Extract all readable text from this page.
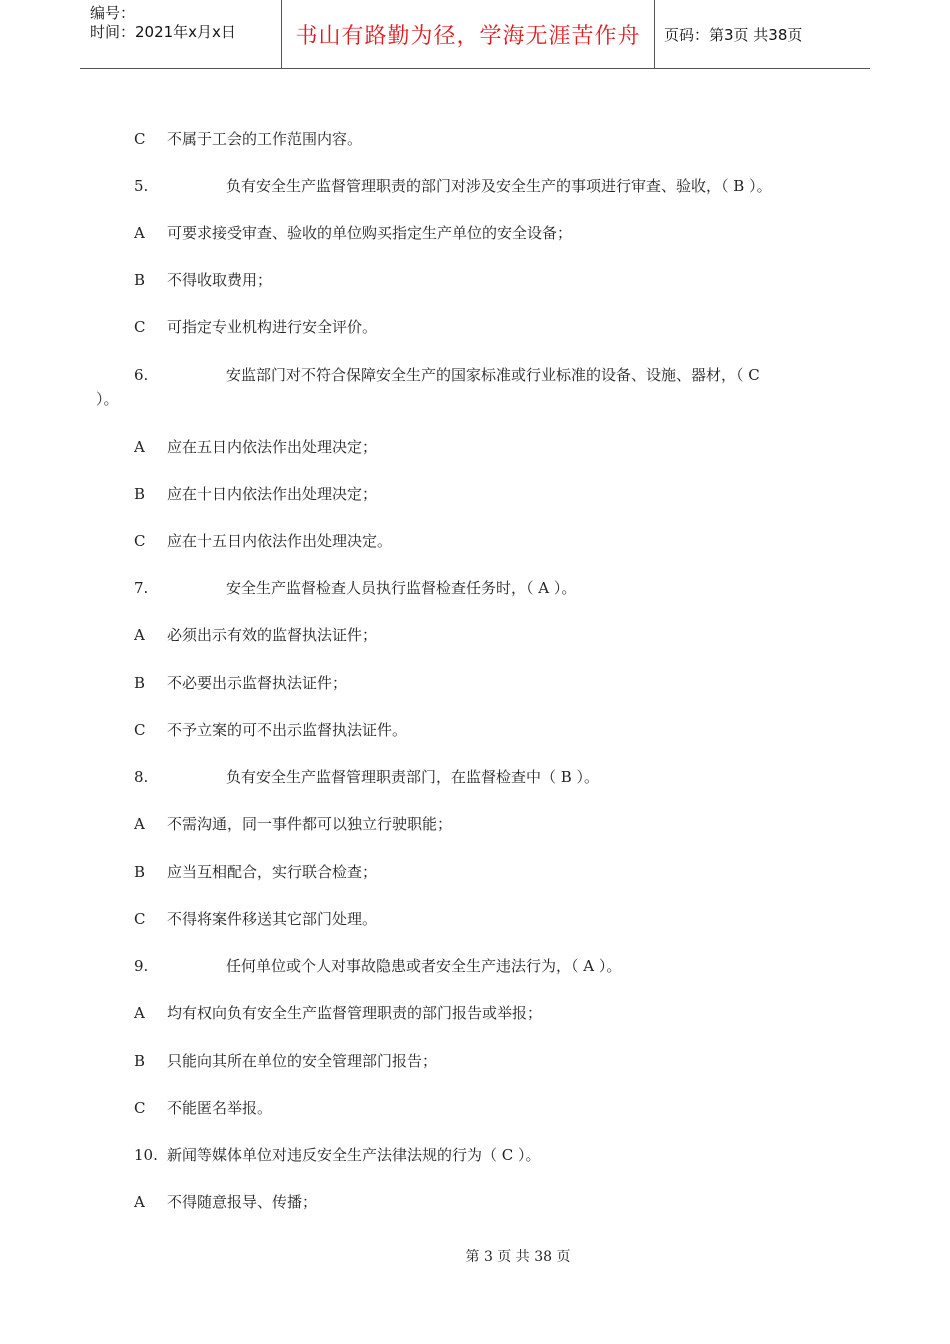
编号：
时间：2021年x月x日	书山有路勤为径，学海无涯苦作舟	页码：第3页 共38页
C 不属于工会的工作范围内容。
5.	负有安全生产监督管理职责的部门对涉及安全生产的事项进行审查、验收，（ B ）。
A 可要求接受审查、验收的单位购买指定生产单位的安全设备；
B 不得收取费用；
C 可指定专业机构进行安全评价。
6.	安监部门对不符合保障安全生产的国家标准或行业标准的设备、设施、器材，（ C
）。
A 应在五日内依法作出处理决定；
B 应在十日内依法作出处理决定；
C 应在十五日内依法作出处理决定。
7.	安全生产监督检查人员执行监督检查任务时，（ A ）。
A 必须出示有效的监督执法证件；
B 不必要出示监督执法证件；
C 不予立案的可不出示监督执法证件。
8.	负有安全生产监督管理职责部门，在监督检查中（ B ）。
A 不需沟通，同一事件都可以独立行驶职能；
B 应当互相配合，实行联合检查；
C 不得将案件移送其它部门处理。
9.	任何单位或个人对事故隐患或者安全生产违法行为，（ A ）。
A 均有权向负有安全生产监督管理职责的部门报告或举报；
B 只能向其所在单位的安全管理部门报告；
C 不能匿名举报。
10. 新闻等媒体单位对违反安全生产法律法规的行为（ C ）。
A 不得随意报导、传播；
第 3 页 共 38 页
